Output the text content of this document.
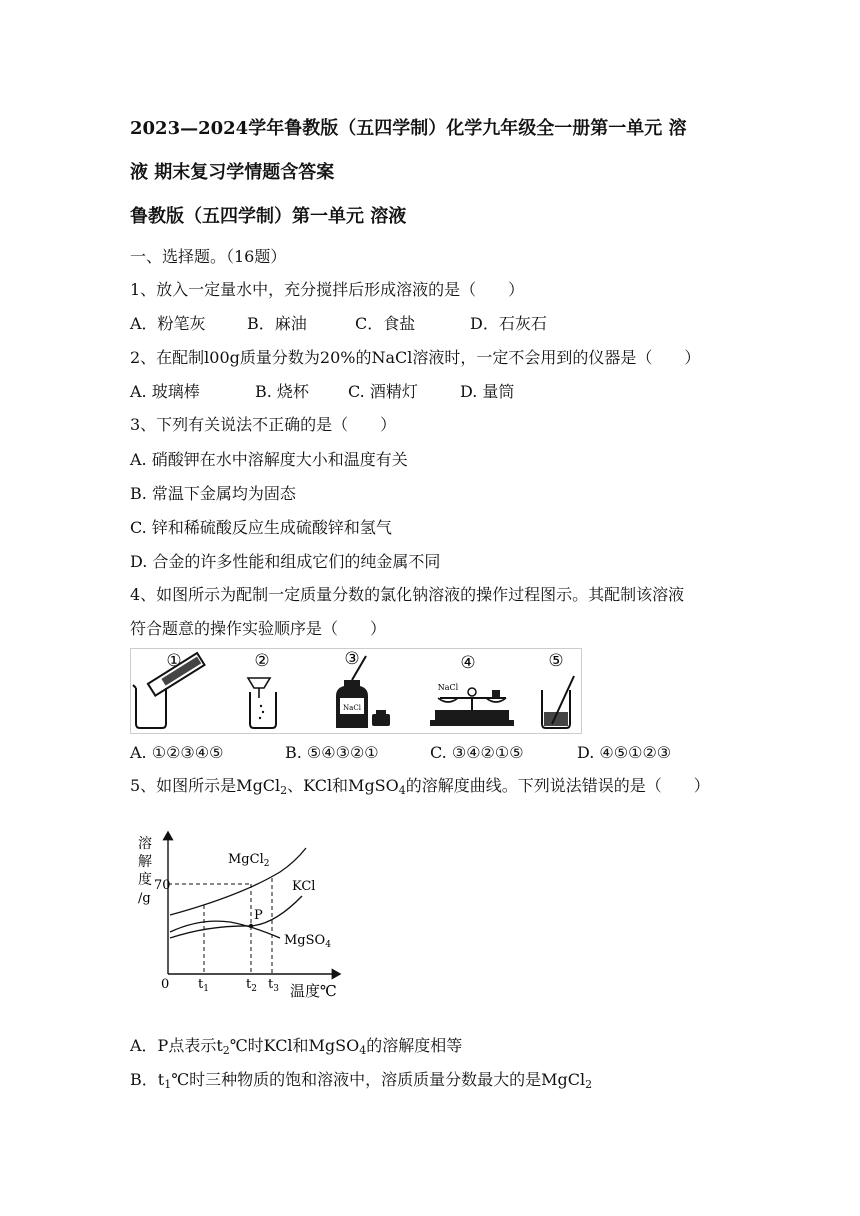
2023—2024学年鲁教版（五四学制）化学九年级全一册第一单元 溶
液 期末复习学情题含答案
鲁教版（五四学制）第一单元 溶液
一、选择题。（16题）
1、放入一定量水中，充分搅拌后形成溶液的是（　　）
A．粉笔灰	B．麻油	C．食盐	D．石灰石
2、在配制l00g质量分数为20%的NaCl溶液时，一定不会用到的仪器是（　　）
A. 玻璃棒	B. 烧杯 C. 酒精灯	D. 量筒
3、下列有关说法不正确的是（　　）
A. 硝酸钾在水中溶解度大小和温度有关
B. 常温下金属均为固态
C. 锌和稀硫酸反应生成硫酸锌和氢气
D. 合金的许多性能和组成它们的纯金属不同
4、如图所示为配制一定质量分数的氯化钠溶液的操作过程图示。其配制该溶液
符合题意的操作实验顺序是（　　）
①	②	③
NaCl
④
NaCl
⑤
A. ①②③④⑤	B. ⑤④③②①	C. ③④②①⑤	D. ④⑤①②③
5、如图所示是MgCl$_2$、KCl和MgSO$_4$的溶解度曲线。下列说法错误的是（　　）
溶
解
度
/g
70
0	温度℃
$t_1$	$t_2$ $t_3$
P
MgCl$_2$
KCl
MgSO$_4$
A．P点表示$t_2℃$时KCl和MgSO$_4$的溶解度相等
B．$t_1℃$时三种物质的饱和溶液中，溶质质量分数最大的是MgCl$_2$
